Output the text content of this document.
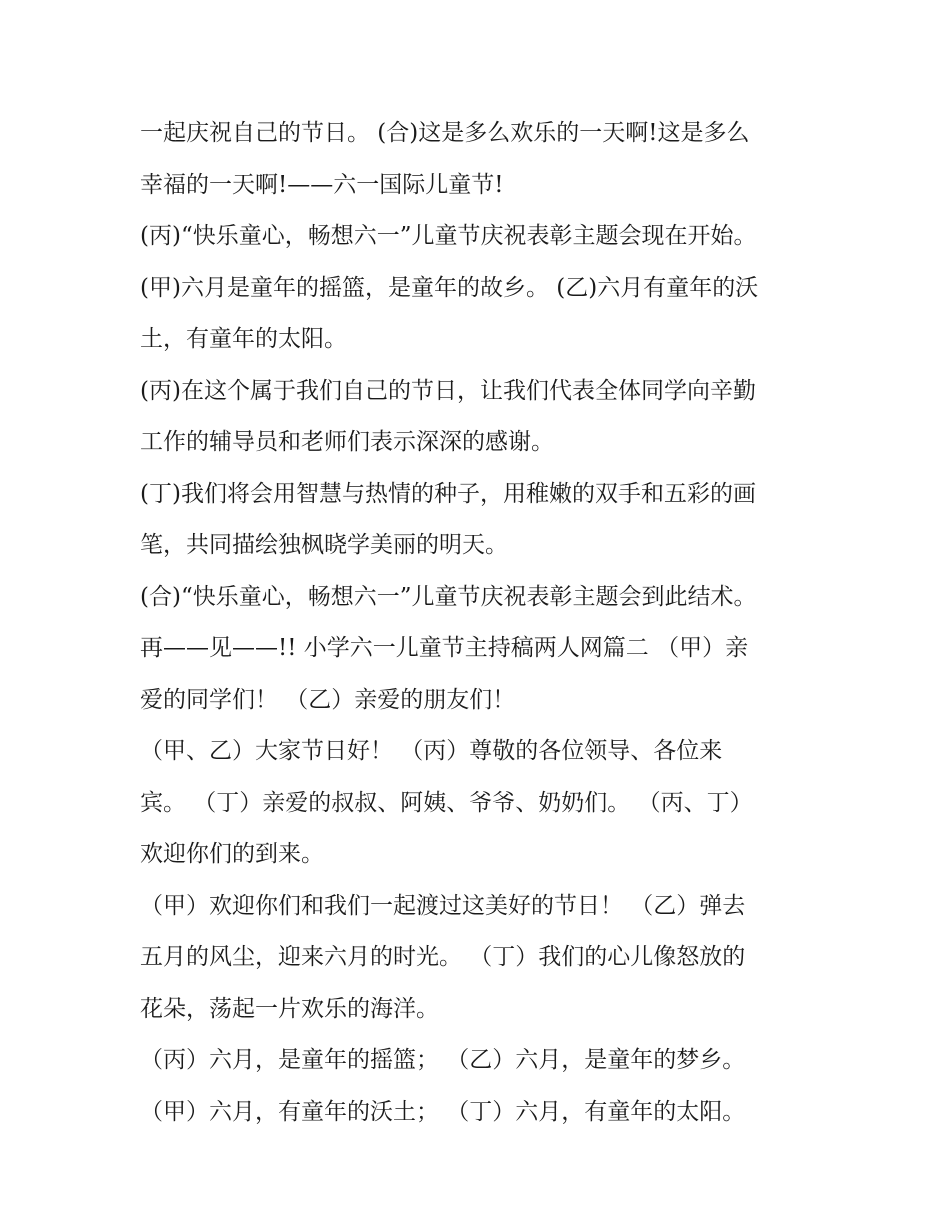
一起庆祝自己的节日。 (合)这是多么欢乐的一天啊!这是多么
幸福的一天啊!——六一国际儿童节!
(丙)“快乐童心，畅想六一”儿童节庆祝表彰主题会现在开始。
(甲)六月是童年的摇篮，是童年的故乡。 (乙)六月有童年的沃
土，有童年的太阳。
(丙)在这个属于我们自己的节日，让我们代表全体同学向辛勤
工作的辅导员和老师们表示深深的感谢。
(丁)我们将会用智慧与热情的种子，用稚嫩的双手和五彩的画
笔，共同描绘独枫晓学美丽的明天。
(合)“快乐童心，畅想六一”儿童节庆祝表彰主题会到此结术。
再——见——!! 小学六一儿童节主持稿两人网篇二 （甲）亲
爱的同学们！ （乙）亲爱的朋友们！
（甲、乙）大家节日好！ （丙）尊敬的各位领导、各位来
宾。 （丁）亲爱的叔叔、阿姨、爷爷、奶奶们。 （丙、丁）
欢迎你们的到来。
（甲）欢迎你们和我们一起渡过这美好的节日！ （乙）弹去
五月的风尘，迎来六月的时光。 （丁）我们的心儿像怒放的
花朵，荡起一片欢乐的海洋。
（丙）六月，是童年的摇篮； （乙）六月，是童年的梦乡。
（甲）六月，有童年的沃土； （丁）六月，有童年的太阳。
